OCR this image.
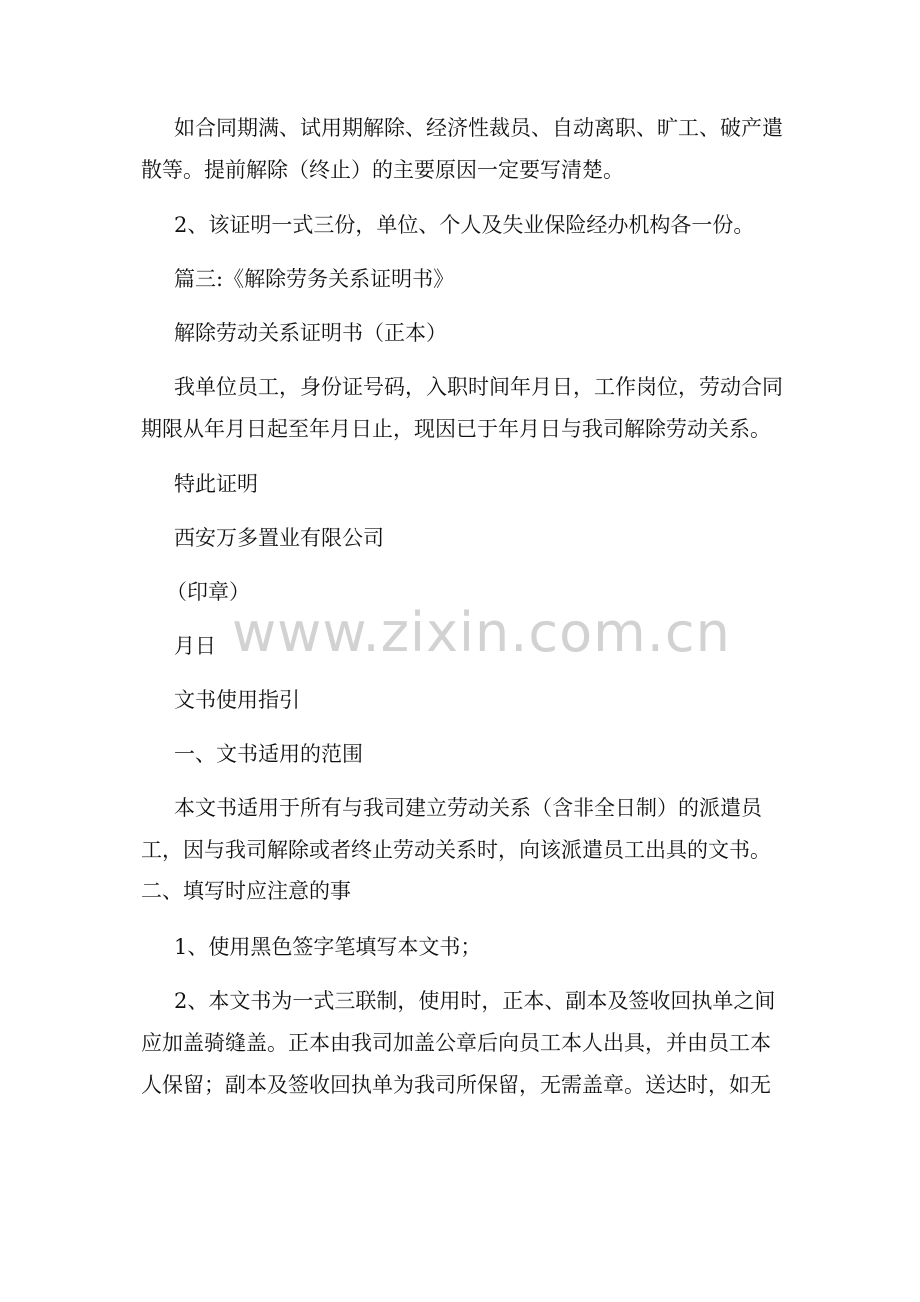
如合同期满、试用期解除、经济性裁员、自动离职、旷工、破产遣

散等。提前解除（终止）的主要原因一定要写清楚。

2、该证明一式三份，单位、个人及失业保险经办机构各一份。

篇三:《解除劳务关系证明书》

解除劳动关系证明书（正本）

我单位员工，身份证号码，入职时间年月日，工作岗位，劳动合同

期限从年月日起至年月日止，现因已于年月日与我司解除劳动关系。

特此证明

西安万多置业有限公司

（印章）

月日

文书使用指引

一、文书适用的范围

本文书适用于所有与我司建立劳动关系（含非全日制）的派遣员

工，因与我司解除或者终止劳动关系时，向该派遣员工出具的文书。

二、填写时应注意的事

1、使用黑色签字笔填写本文书；

2、本文书为一式三联制，使用时，正本、副本及签收回执单之间

应加盖骑缝盖。正本由我司加盖公章后向员工本人出具，并由员工本

人保留；副本及签收回执单为我司所保留，无需盖章。送达时，如无

www.zixin.com.cn
